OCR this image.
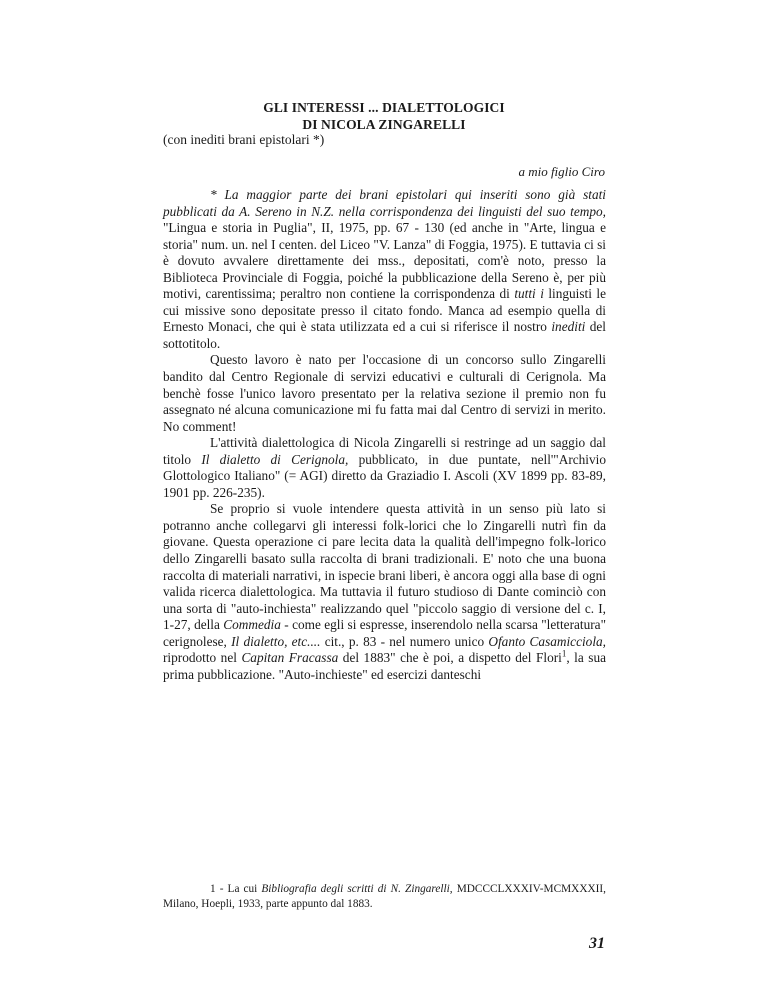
GLI INTERESSI ... DIALETTOLOGICI
DI NICOLA ZINGARELLI
(con inediti brani epistolari *)
a mio figlio Ciro

* La maggior parte dei brani epistolari qui inseriti sono già stati pubblicati da A. Sereno in N.Z. nella corrispondenza dei linguisti del suo tempo, "Lingua e storia in Puglia", II, 1975, pp. 67 - 130 (ed anche in "Arte, lingua e storia" num. un. nel I centen. del Liceo "V. Lanza" di Foggia, 1975). E tuttavia ci si è dovuto avvalere direttamente dei mss., depositati, com'è noto, presso la Biblioteca Provinciale di Foggia, poiché la pubblicazione della Sereno è, per più motivi, carentissima; peraltro non contiene la corrispondenza di tutti i linguisti le cui missive sono depositate presso il citato fondo. Manca ad esempio quella di Ernesto Monaci, che qui è stata utilizzata ed a cui si riferisce il nostro inediti del sottotitolo.

Questo lavoro è nato per l'occasione di un concorso sullo Zingarelli bandito dal Centro Regionale di servizi educativi e culturali di Cerignola. Ma benchè fosse l'unico lavoro presentato per la relativa sezione il premio non fu assegnato né alcuna comunicazione mi fu fatta mai dal Centro di servizi in merito. No comment!

L'attività dialettologica di Nicola Zingarelli si restringe ad un saggio dal titolo Il dialetto di Cerignola, pubblicato, in due puntate, nell'"Archivio Glottologico Italiano" (= AGI) diretto da Graziadio I. Ascoli (XV 1899 pp. 83-89, 1901 pp. 226-235).

Se proprio si vuole intendere questa attività in un senso più lato si potranno anche collegarvi gli interessi folk-lorici che lo Zingarelli nutrì fin da giovane. Questa operazione ci pare lecita data la qualità dell'impegno folk-lorico dello Zingarelli basato sulla raccolta di brani tradizionali. E' noto che una buona raccolta di materiali narrativi, in ispecie brani liberi, è ancora oggi alla base di ogni valida ricerca dialettologica. Ma tuttavia il futuro studioso di Dante cominciò con una sorta di "auto-inchiesta" realizzando quel "piccolo saggio di versione del c. I, 1-27, della Commedia - come egli si espresse, inserendolo nella scarsa "letteratura" cerignolese, Il dialetto, etc.... cit., p. 83 - nel numero unico Ofanto Casamicciola, riprodotto nel Capitan Fracassa del 1883" che è poi, a dispetto del Flori$^1$, la sua prima pubblicazione. "Auto-inchieste" ed esercizi danteschi

1 - La cui Bibliografia degli scritti di N. Zingarelli, MDCCCLXXXIV-MCMXXXII, Milano, Hoepli, 1933, parte appunto dal 1883.

31
